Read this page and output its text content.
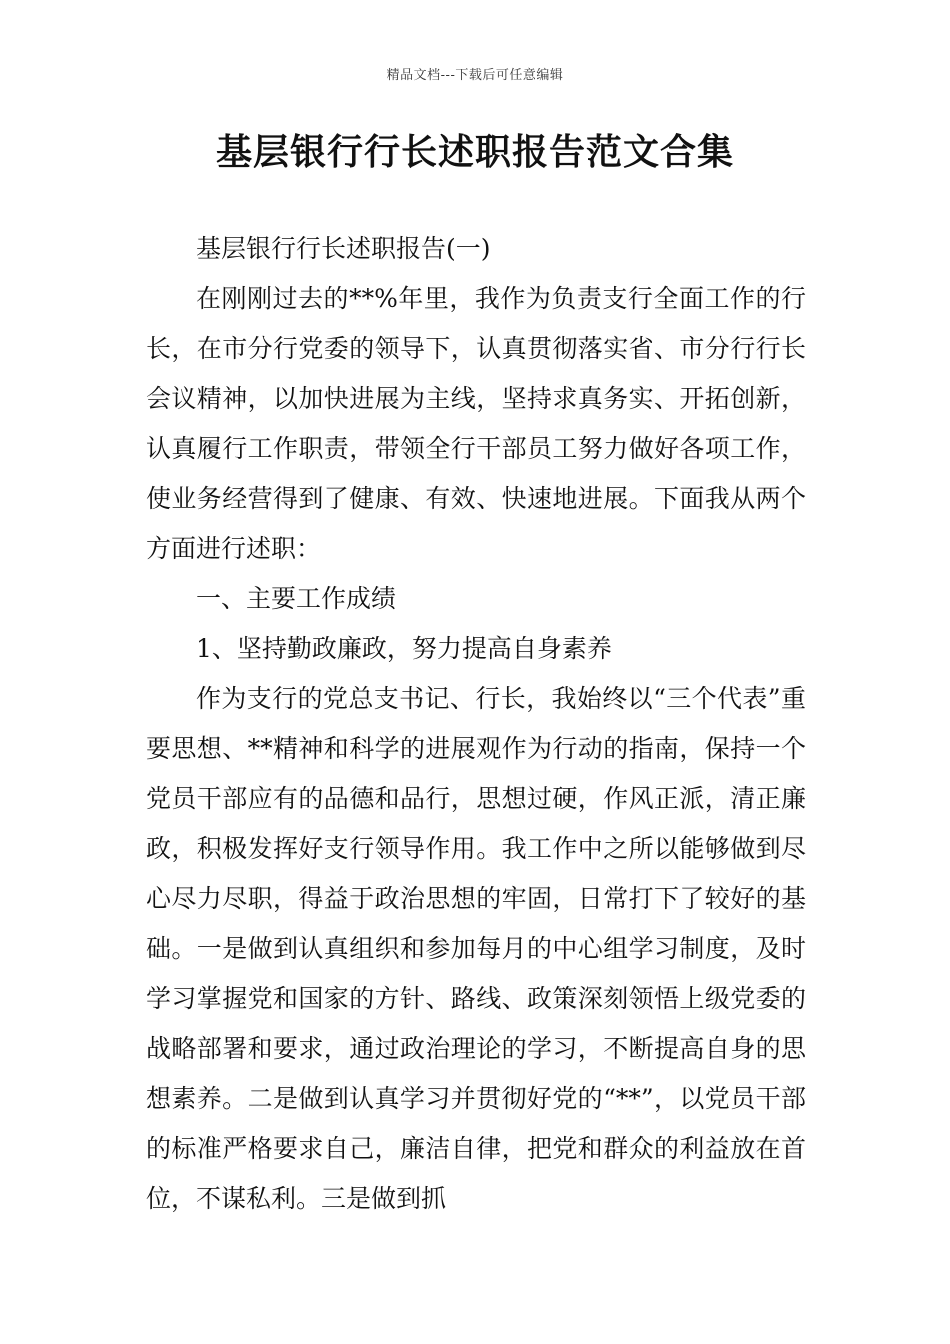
精品文档---下载后可任意编辑
基层银行行长述职报告范文合集

基层银行行长述职报告(一)

在刚刚过去的**%年里，我作为负责支行全面工作的行长，在市分行党委的领导下，认真贯彻落实省、市分行行长会议精神，以加快进展为主线，坚持求真务实、开拓创新，认真履行工作职责，带领全行干部员工努力做好各项工作，使业务经营得到了健康、有效、快速地进展。下面我从两个方面进行述职：

一、主要工作成绩

1、坚持勤政廉政，努力提高自身素养

作为支行的党总支书记、行长，我始终以“三个代表”重要思想、**精神和科学的进展观作为行动的指南，保持一个党员干部应有的品德和品行，思想过硬，作风正派，清正廉政，积极发挥好支行领导作用。我工作中之所以能够做到尽心尽力尽职，得益于政治思想的牢固，日常打下了较好的基础。一是做到认真组织和参加每月的中心组学习制度，及时学习掌握党和国家的方针、路线、政策深刻领悟上级党委的战略部署和要求，通过政治理论的学习，不断提高自身的思想素养。二是做到认真学习并贯彻好党的“**”，以党员干部的标准严格要求自己，廉洁自律，把党和群众的利益放在首位，不谋私利。三是做到抓
